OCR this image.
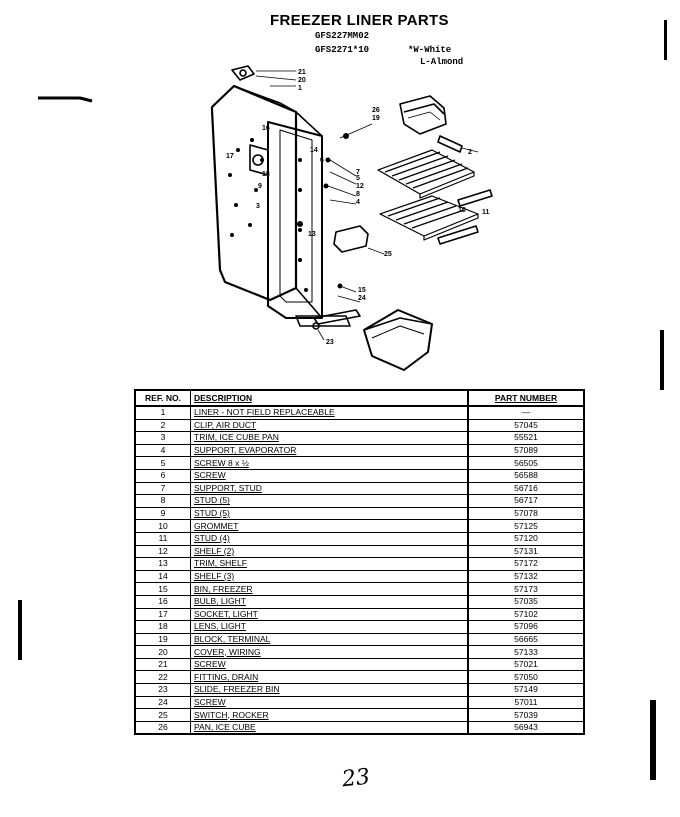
FREEZER LINER PARTS
GFS227MM02
GFS2271*10	*W-White
L-Almond
21
20
1
26
19
16
17
18
6
9
5
7
12
8
4
14	2
3
10 11
13
25
15
24
23
REF. NO.	DESCRIPTION	PART NUMBER
1	LINER - NOT FIELD REPLACEABLE	—
2	CLIP, AIR DUCT	57045
3	TRIM, ICE CUBE PAN	55521
4	SUPPORT, EVAPORATOR	57089
5	SCREW 8 x ½	56505
6	SCREW	56588
7	SUPPORT, STUD	56716
8	STUD (5)	56717
9	STUD (5)	57078
10	GROMMET	57125
11	STUD (4)	57120
12	SHELF (2)	57131
13	TRIM, SHELF	57172
14	SHELF (3)	57132
15	BIN, FREEZER	57173
16	BULB, LIGHT	57035
17	SOCKET, LIGHT	57102
18	LENS, LIGHT	57096
19	BLOCK, TERMINAL	56665
20	COVER, WIRING	57133
21	SCREW	57021
22	FITTING, DRAIN	57050
23	SLIDE, FREEZER BIN	57149
24	SCREW	57011
25	SWITCH, ROCKER	57039
26	PAN, ICE CUBE	56943
23
